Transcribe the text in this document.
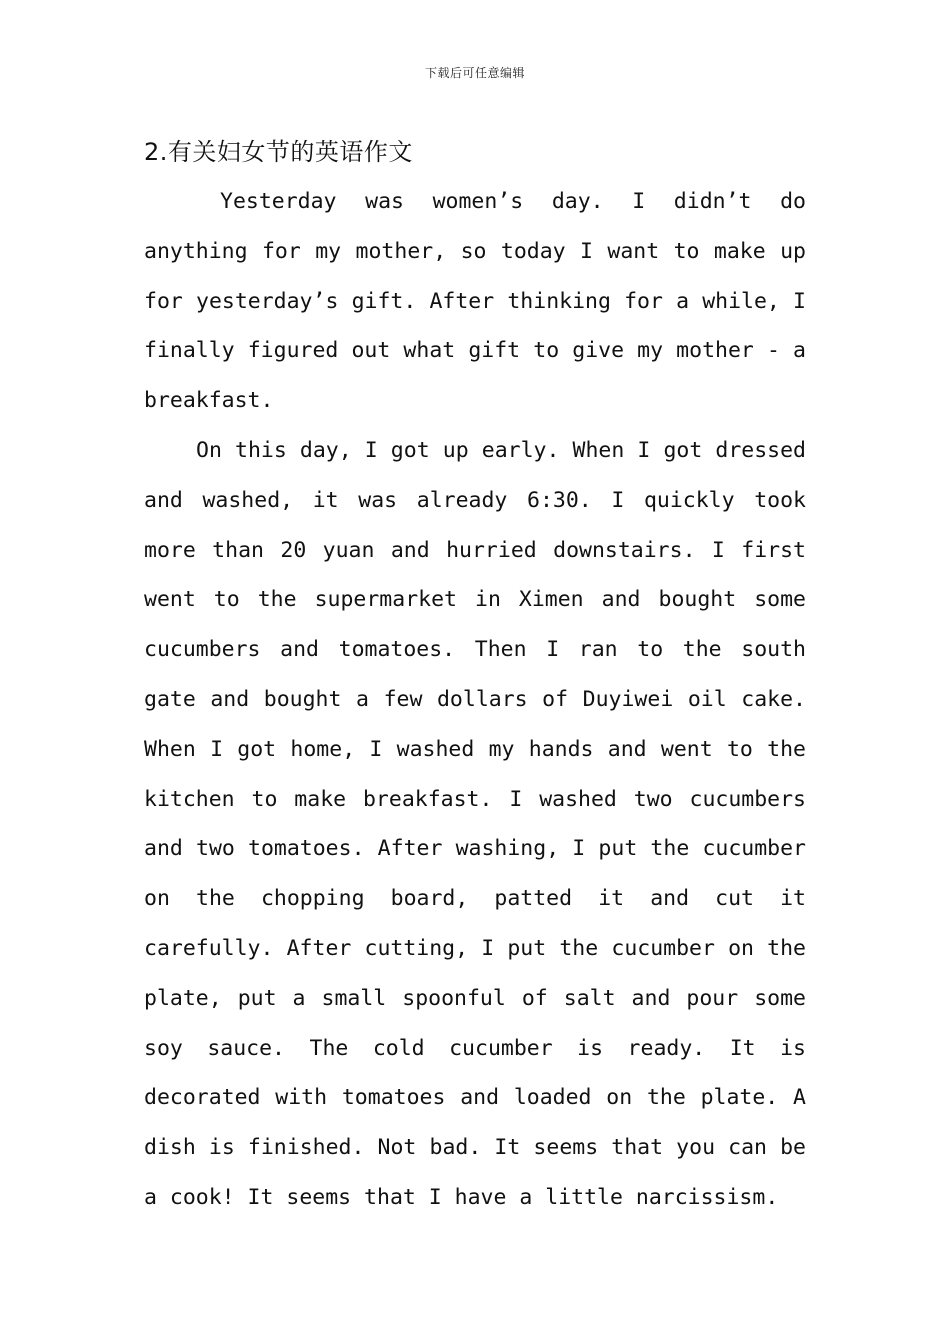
下载后可任意编辑
2.有关妇女节的英语作文

Yesterday was women’s day. I didn’t do anything for my mother, so today I want to make up for yesterday’s gift. After thinking for a while, I finally figured out what gift to give my mother - a breakfast.

On this day, I got up early. When I got dressed and washed, it was already 6:30. I quickly took more than 20 yuan and hurried downstairs. I first went to the supermarket in Ximen and bought some cucumbers and tomatoes. Then I ran to the south gate and bought a few dollars of Duyiwei oil cake. When I got home, I washed my hands and went to the kitchen to make breakfast. I washed two cucumbers and two tomatoes. After washing, I put the cucumber on the chopping board, patted it and cut it carefully. After cutting, I put the cucumber on the plate, put a small spoonful of salt and pour some soy sauce. The cold cucumber is ready. It is decorated with tomatoes and loaded on the plate. A dish is finished. Not bad. It seems that you can be a cook! It seems that I have a little narcissism.
